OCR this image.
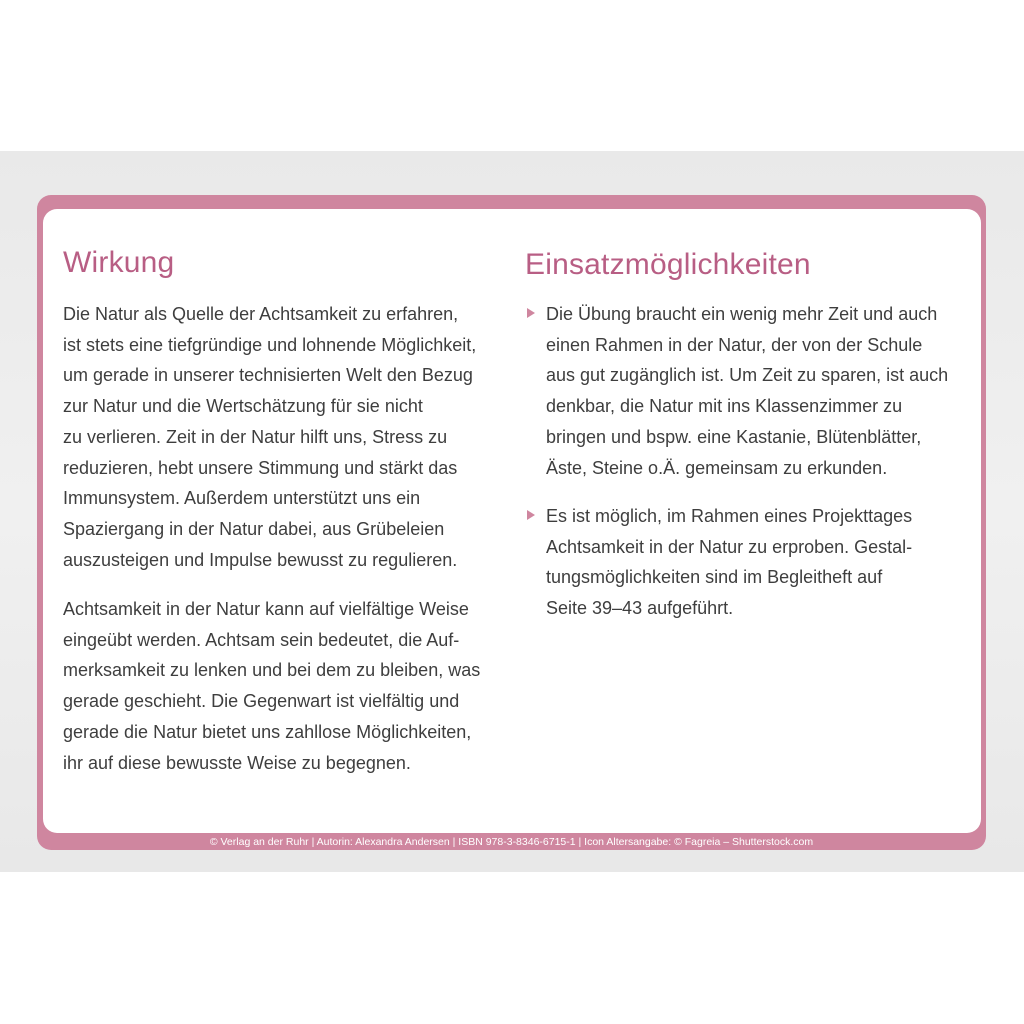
Wirkung

Die Natur als Quelle der Achtsamkeit zu erfahren,
ist stets eine tiefgründige und lohnende Möglichkeit,
um gerade in unserer technisierten Welt den Bezug
zur Natur und die Wertschätzung für sie nicht
zu verlieren. Zeit in der Natur hilft uns, Stress zu
reduzieren, hebt unsere Stimmung und stärkt das
Immunsystem. Außerdem unterstützt uns ein
Spaziergang in der Natur dabei, aus Grübeleien
auszusteigen und Impulse bewusst zu regulieren.

Achtsamkeit in der Natur kann auf vielfältige Weise
eingeübt werden. Achtsam sein bedeutet, die Auf-
merksamkeit zu lenken und bei dem zu bleiben, was
gerade geschieht. Die Gegenwart ist vielfältig und
gerade die Natur bietet uns zahllose Möglichkeiten,
ihr auf diese bewusste Weise zu begegnen.

Einsatzmöglichkeiten

Die Übung braucht ein wenig mehr Zeit und auch
einen Rahmen in der Natur, der von der Schule
aus gut zugänglich ist. Um Zeit zu sparen, ist auch
denkbar, die Natur mit ins Klassenzimmer zu
bringen und bspw. eine Kastanie, Blütenblätter,
Äste, Steine o.Ä. gemeinsam zu erkunden.

Es ist möglich, im Rahmen eines Projekttages
Achtsamkeit in der Natur zu erproben. Gestal-
tungsmöglichkeiten sind im Begleitheft auf
Seite 39–43 aufgeführt.

© Verlag an der Ruhr | Autorin: Alexandra Andersen | ISBN 978-3-8346-6715-1 | Icon Altersangabe: © Fagreia – Shutterstock.com
